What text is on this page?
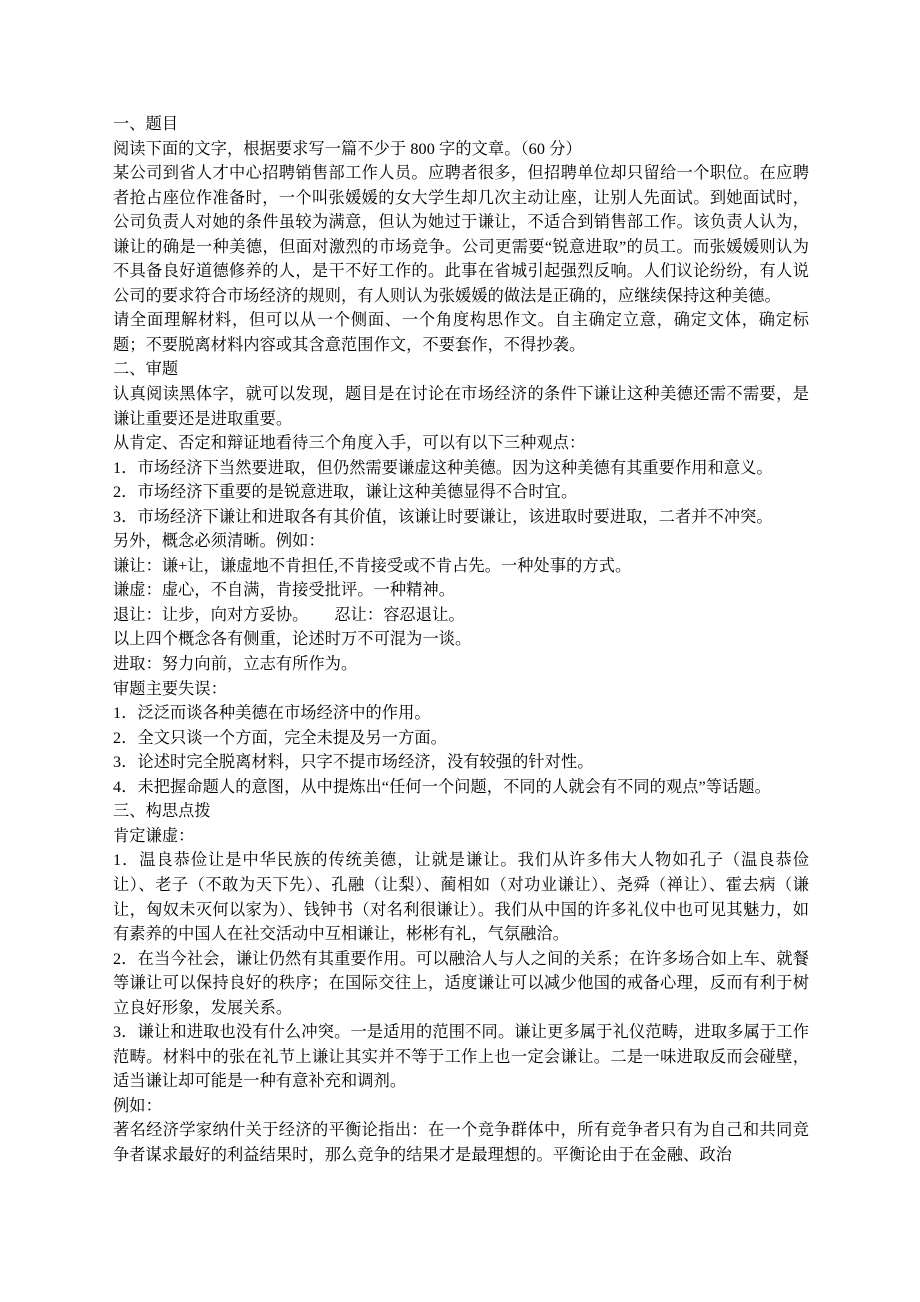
一、题目

阅读下面的文字，根据要求写一篇不少于 800 字的文章。（60 分）

某公司到省人才中心招聘销售部工作人员。应聘者很多，但招聘单位却只留给一个职位。在应聘者抢占座位作准备时，一个叫张媛媛的女大学生却几次主动让座，让别人先面试。到她面试时，公司负责人对她的条件虽较为满意，但认为她过于谦让，不适合到销售部工作。该负责人认为，谦让的确是一种美德，但面对激烈的市场竞争。公司更需要“锐意进取”的员工。而张媛媛则认为不具备良好道德修养的人，是干不好工作的。此事在省城引起强烈反响。人们议论纷纷，有人说公司的要求符合市场经济的规则，有人则认为张媛媛的做法是正确的，应继续保持这种美德。

请全面理解材料，但可以从一个侧面、一个角度构思作文。自主确定立意，确定文体，确定标题；不要脱离材料内容或其含意范围作文，不要套作，不得抄袭。

二、审题

认真阅读黑体字，就可以发现，题目是在讨论在市场经济的条件下谦让这种美德还需不需要，是谦让重要还是进取重要。

从肯定、否定和辩证地看待三个角度入手，可以有以下三种观点：

1．市场经济下当然要进取，但仍然需要谦虚这种美德。因为这种美德有其重要作用和意义。

2．市场经济下重要的是锐意进取，谦让这种美德显得不合时宜。

3．市场经济下谦让和进取各有其价值，该谦让时要谦让，该进取时要进取，二者并不冲突。

另外，概念必须清晰。例如：

谦让：谦+让，谦虚地不肯担任,不肯接受或不肯占先。一种处事的方式。

谦虚：虚心，不自满，肯接受批评。一种精神。

退让：让步，向对方妥协。 忍让：容忍退让。

以上四个概念各有侧重，论述时万不可混为一谈。

进取：努力向前，立志有所作为。

审题主要失误：

1．泛泛而谈各种美德在市场经济中的作用。

2．全文只谈一个方面，完全未提及另一方面。

3．论述时完全脱离材料，只字不提市场经济，没有较强的针对性。

4．未把握命题人的意图，从中提炼出“任何一个问题，不同的人就会有不同的观点”等话题。

三、构思点拨

肯定谦虚：

1．温良恭俭让是中华民族的传统美德，让就是谦让。我们从许多伟大人物如孔子（温良恭俭让）、老子（不敢为天下先）、孔融（让梨）、蔺相如（对功业谦让）、尧舜（禅让）、霍去病（谦让，匈奴未灭何以家为）、钱钟书（对名利很谦让）。我们从中国的许多礼仪中也可见其魅力，如有素养的中国人在社交活动中互相谦让，彬彬有礼，气氛融洽。

2．在当今社会，谦让仍然有其重要作用。可以融洽人与人之间的关系；在许多场合如上车、就餐等谦让可以保持良好的秩序；在国际交往上，适度谦让可以减少他国的戒备心理，反而有利于树立良好形象，发展关系。

3．谦让和进取也没有什么冲突。一是适用的范围不同。谦让更多属于礼仪范畴，进取多属于工作范畴。材料中的张在礼节上谦让其实并不等于工作上也一定会谦让。二是一味进取反而会碰壁，适当谦让却可能是一种有意补充和调剂。

例如：

著名经济学家纳什关于经济的平衡论指出：在一个竞争群体中，所有竞争者只有为自己和共同竞争者谋求最好的利益结果时，那么竞争的结果才是最理想的。平衡论由于在金融、政治
